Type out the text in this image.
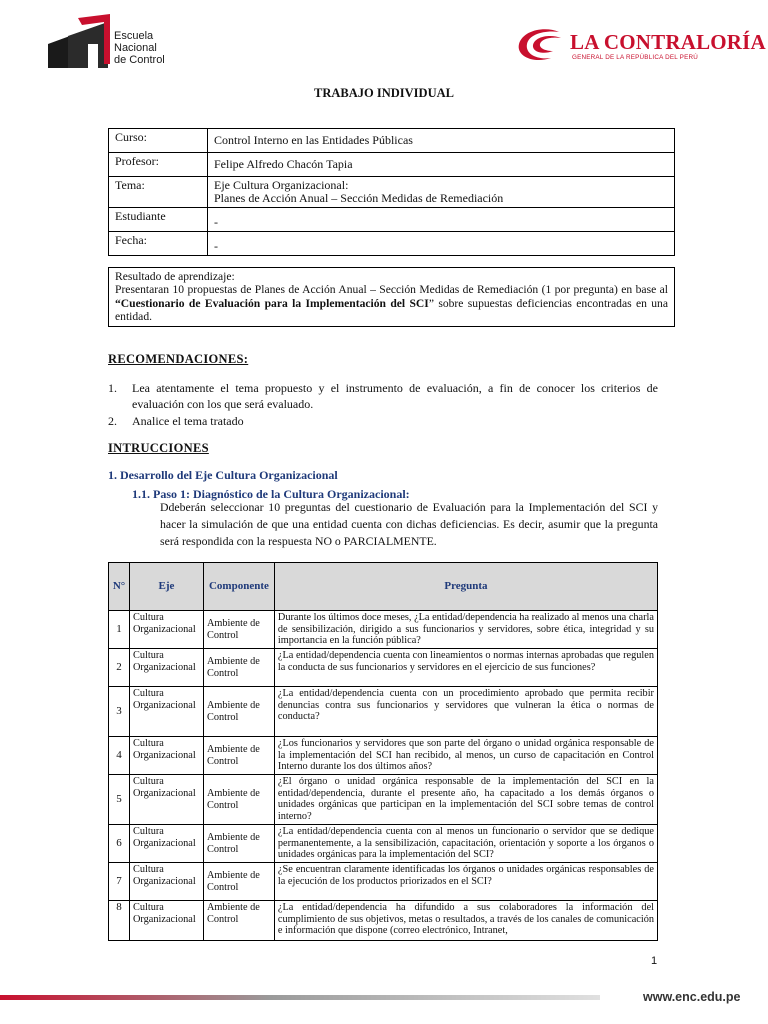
Escuela
Nacional
de Control
LA CONTRALORÍA
GENERAL DE LA REPÚBLICA DEL PERÚ
TRABAJO INDIVIDUAL
Curso:	Control Interno en las Entidades Públicas
Profesor:	Felipe Alfredo Chacón Tapia
Tema:	Eje Cultura Organizacional:
Planes de Acción Anual – Sección Medidas de Remediación

Estudiante	-
Fecha:	-
Resultado de aprendizaje:
Presentaran 10 propuestas de Planes de Acción Anual – Sección Medidas de Remediación (1 por pregunta) en base al “Cuestionario de Evaluación para la Implementación del SCI” sobre supuestas deficiencias encontradas en una entidad.
RECOMENDACIONES:
1. Lea atentamente el tema propuesto y el instrumento de evaluación, a fin de conocer los criterios de evaluación con los que será evaluado.
2. Analice el tema tratado
INTRUCCIONES
1. Desarrollo del Eje Cultura Organizacional
1.1. Paso 1: Diagnóstico de la Cultura Organizacional:
Ddeberán seleccionar 10 preguntas del cuestionario de Evaluación para la Implementación del SCI y hacer la simulación de que una entidad cuenta con dichas deficiencias. Es decir, asumir que la pregunta será respondida con la respuesta NO o PARCIALMENTE.
N°	Eje	Componente	Pregunta
1	Cultura Organizacional	Ambiente de Control	Durante los últimos doce meses, ¿La entidad/dependencia ha realizado al menos una charla de sensibilización, dirigido a sus funcionarios y servidores, sobre ética, integridad y su importancia en la función pública?
2	Cultura Organizacional	Ambiente de Control	¿La entidad/dependencia cuenta con lineamientos o normas internas aprobadas que regulen la conducta de sus funcionarios y servidores en el ejercicio de sus funciones?
3	Cultura Organizacional	Ambiente de Control	¿La entidad/dependencia cuenta con un procedimiento aprobado que permita recibir denuncias contra sus funcionarios y servidores que vulneran la ética o normas de conducta?
4	Cultura Organizacional	Ambiente de Control	¿Los funcionarios y servidores que son parte del órgano o unidad orgánica responsable de la implementación del SCI han recibido, al menos, un curso de capacitación en Control Interno durante los dos últimos años?
5	Cultura Organizacional	Ambiente de Control	¿El órgano o unidad orgánica responsable de la implementación del SCI en la entidad/dependencia, durante el presente año, ha capacitado a los demás órganos o unidades orgánicas que participan en la implementación del SCI sobre temas de control interno?
6	Cultura Organizacional	Ambiente de Control	¿La entidad/dependencia cuenta con al menos un funcionario o servidor que se dedique permanentemente, a la sensibilización, capacitación, orientación y soporte a los órganos o unidades orgánicas para la implementación del SCI?
7	Cultura Organizacional	Ambiente de Control	¿Se encuentran claramente identificadas los órganos o unidades orgánicas responsables de la ejecución de los productos priorizados en el SCI?
8	Cultura Organizacional	Ambiente de Control	¿La entidad/dependencia ha difundido a sus colaboradores la información del cumplimiento de sus objetivos, metas o resultados, a través de los canales de comunicación e información que dispone (correo electrónico, Intranet,
1
www.enc.edu.pe
